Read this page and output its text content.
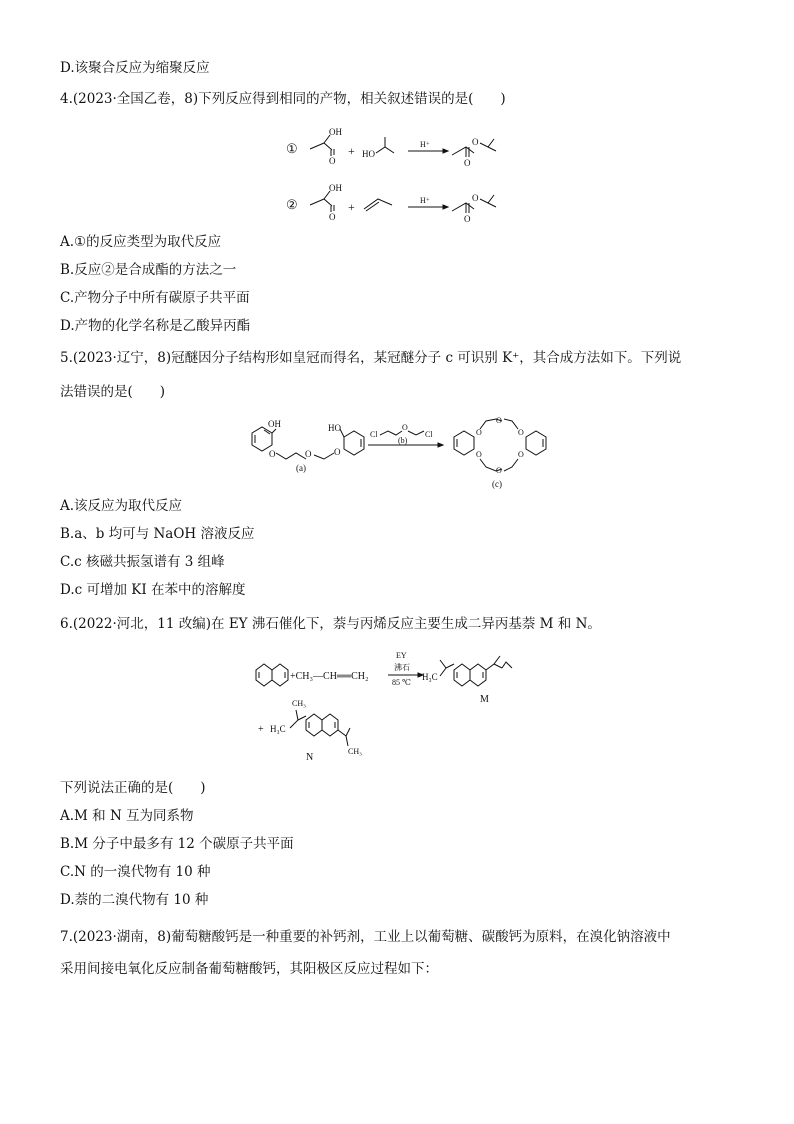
D.该聚合反应为缩聚反应
4.(2023·全国乙卷，8)下列反应得到相同的产物，相关叙述错误的是(　　)
①
OH
O
+ HO
H⁺
O
O
②
OH
O
+	H⁺
O
O
A.①的反应类型为取代反应
B.反应②是合成酯的方法之一
C.产物分子中所有碳原子共平面
D.产物的化学名称是乙酸异丙酯
5.(2023·辽宁，8)冠醚因分子结构形如皇冠而得名，某冠醚分子 c 可识别 K⁺，其合成方法如下。下列说
法错误的是(　　)
OH
O	O	O
HO
(a)
Cl
O
Cl
(b)
O
O
O
O
O
O
(c)
A.该反应为取代反应
B.a、b 均可与 NaOH 溶液反应
C.c 核磁共振氢谱有 3 组峰
D.c 可增加 KI 在苯中的溶解度
6.(2022·河北，11 改编)在 EY 沸石催化下，萘与丙烯反应主要生成二异丙基萘 M 和 N。
+CH₃—CH══CH₂
EY
沸石
85 ℃
H₃C
M
+ H₃C
CH₃
CH₃
N
下列说法正确的是(　　)
A.M 和 N 互为同系物
B.M 分子中最多有 12 个碳原子共平面
C.N 的一溴代物有 10 种
D.萘的二溴代物有 10 种
7.(2023·湖南，8)葡萄糖酸钙是一种重要的补钙剂，工业上以葡萄糖、碳酸钙为原料，在溴化钠溶液中
采用间接电氧化反应制备葡萄糖酸钙，其阳极区反应过程如下：
